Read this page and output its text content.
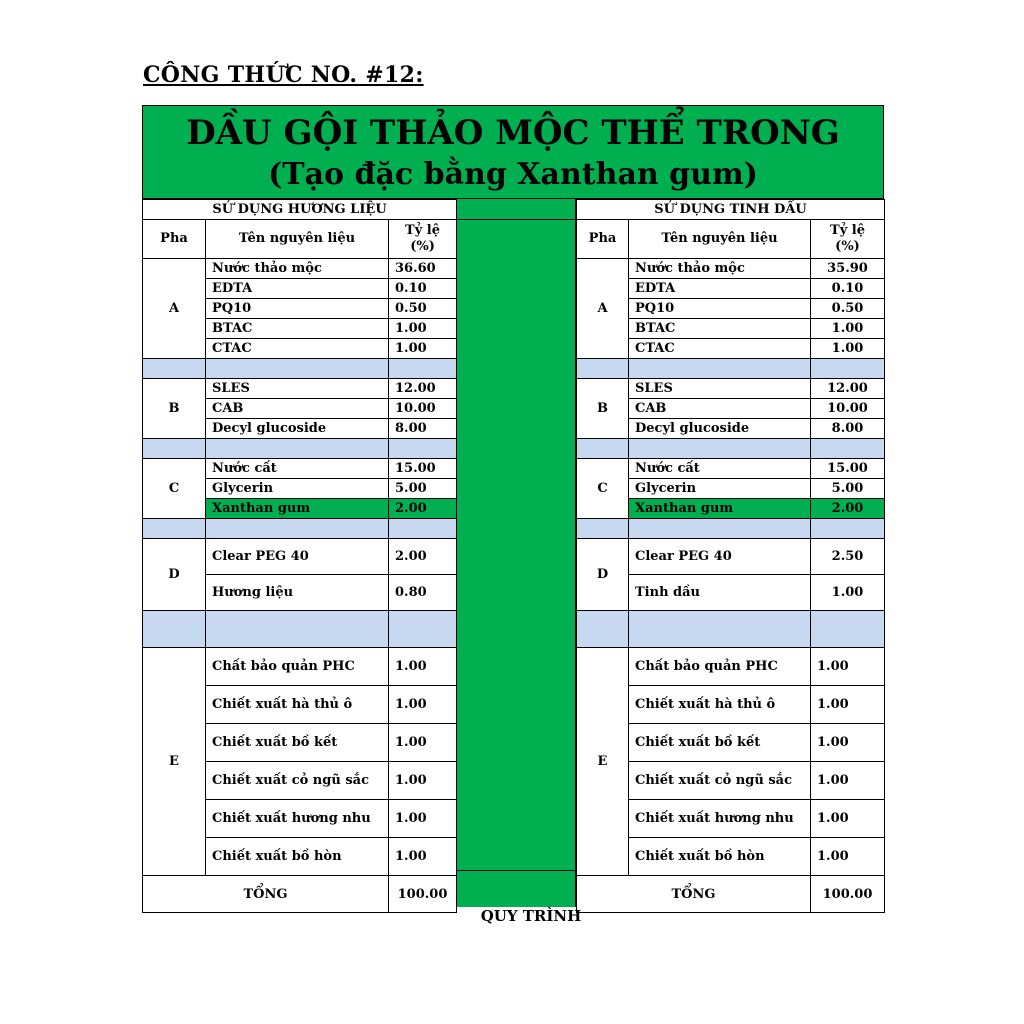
CÔNG THỨC NO. #12:
DẦU GỘI THẢO MỘC THỂ TRONG
(Tạo đặc bằng Xanthan gum)
SỬ DỤNG HƯƠNG LIỆU		
Pha	Tên nguyên liệu	Tỷ lệ (%)
A	Nước thảo mộc	36.60
	EDTA	0.10
	PQ10	0.50
	BTAC	1.00
	CTAC	1.00

B	SLES	12.00
	CAB	10.00
	Decyl glucoside	8.00

C	Nước cất	15.00
	Glycerin	5.00
	Xanthan gum	2.00

D	Clear PEG 40	2.00
	Hương liệu	0.80

E	Chất bảo quản PHC	1.00
	Chiết xuất hà thủ ô	1.00
	Chiết xuất bồ kết	1.00
	Chiết xuất cỏ ngũ sắc	1.00
	Chiết xuất hương nhu	1.00
	Chiết xuất bồ hòn	1.00
TỔNG		100.00
SỬ DỤNG TINH DẦU		
Pha	Tên nguyên liệu	Tỷ lệ (%)
A	Nước thảo mộc	35.90
	EDTA	0.10
	PQ10	0.50
	BTAC	1.00
	CTAC	1.00

B	SLES	12.00
	CAB	10.00
	Decyl glucoside	8.00

C	Nước cất	15.00
	Glycerin	5.00
	Xanthan gum	2.00

D	Clear PEG 40	2.50
	Tinh dầu	1.00

E	Chất bảo quản PHC	1.00
	Chiết xuất hà thủ ô	1.00
	Chiết xuất bồ kết	1.00
	Chiết xuất cỏ ngũ sắc	1.00
	Chiết xuất hương nhu	1.00
	Chiết xuất bồ hòn	1.00
TỔNG		100.00
QUY TRÌNH
